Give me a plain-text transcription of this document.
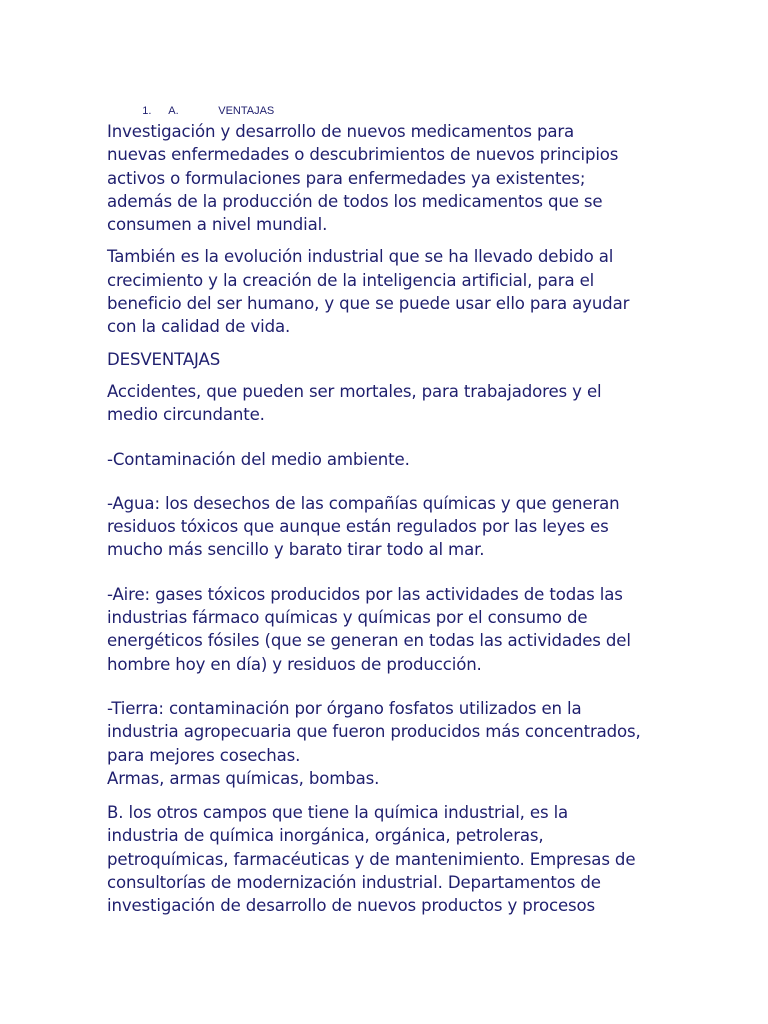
1. A.	VENTAJAS

Investigación y desarrollo de nuevos medicamentos para
nuevas enfermedades o descubrimientos de nuevos principios
activos o formulaciones para enfermedades ya existentes;
además de la producción de todos los medicamentos que se
consumen a nivel mundial.

También es la evolución industrial que se ha llevado debido al
crecimiento y la creación de la inteligencia artificial, para el
beneficio del ser humano, y que se puede usar ello para ayudar
con la calidad de vida.

DESVENTAJAS

Accidentes, que pueden ser mortales, para trabajadores y el
medio circundante.

-Contaminación del medio ambiente.

-Agua: los desechos de las compañías químicas y que generan
residuos tóxicos que aunque están regulados por las leyes es
mucho más sencillo y barato tirar todo al mar.

-Aire: gases tóxicos producidos por las actividades de todas las
industrias fármaco químicas y químicas por el consumo de
energéticos fósiles (que se generan en todas las actividades del
hombre hoy en día) y residuos de producción.

-Tierra: contaminación por órgano fosfatos utilizados en la
industria agropecuaria que fueron producidos más concentrados,
para mejores cosechas.
Armas, armas químicas, bombas.

B. los otros campos que tiene la química industrial, es la
industria de química inorgánica, orgánica, petroleras,
petroquímicas, farmacéuticas y de mantenimiento. Empresas de
consultorías de modernización industrial. Departamentos de
investigación de desarrollo de nuevos productos y procesos
